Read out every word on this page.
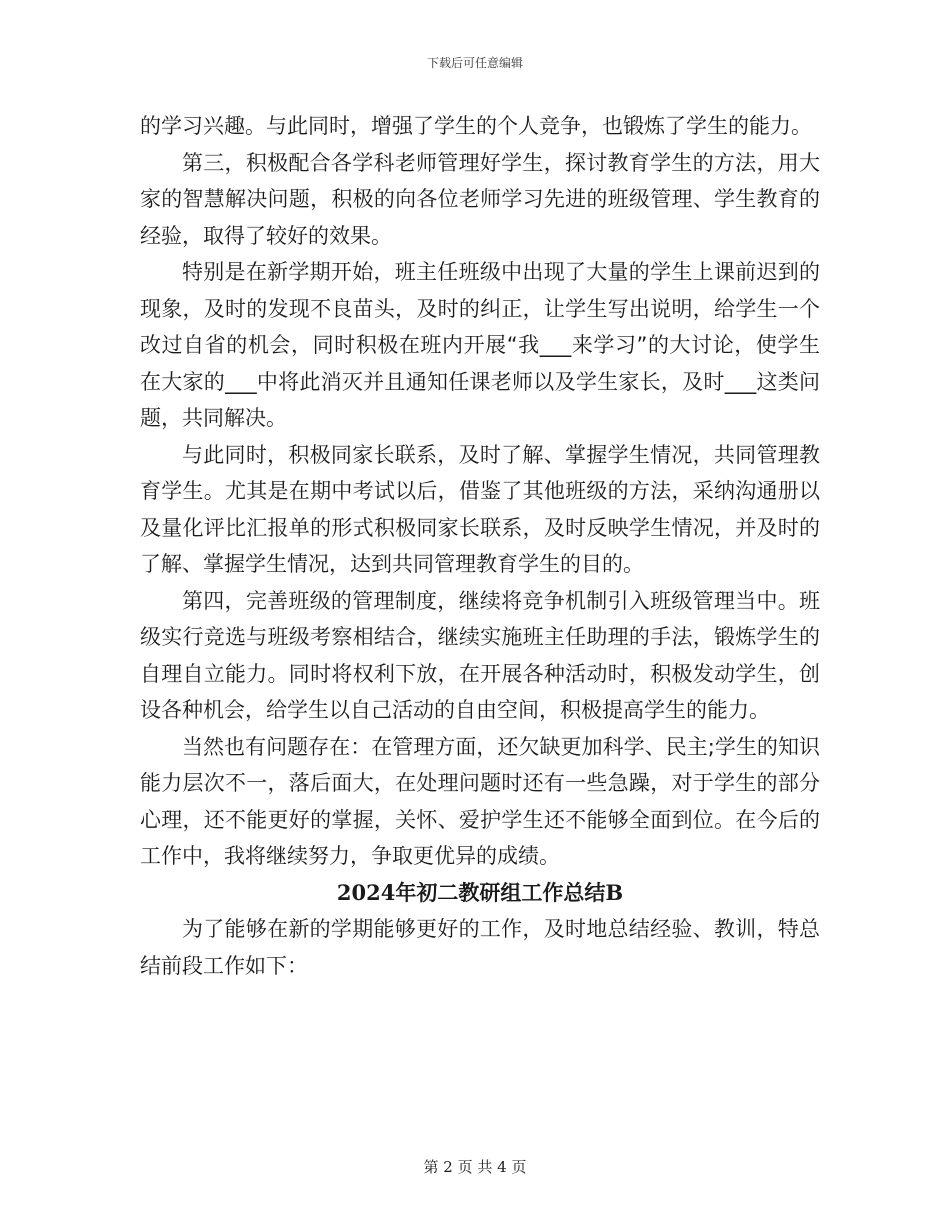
下载后可任意编辑

的学习兴趣。与此同时，增强了学生的个人竞争，也锻炼了学生的能力。

第三，积极配合各学科老师管理好学生，探讨教育学生的方法，用大家的智慧解决问题，积极的向各位老师学习先进的班级管理、学生教育的经验，取得了较好的效果。

特别是在新学期开始，班主任班级中出现了大量的学生上课前迟到的现象，及时的发现不良苗头，及时的纠正，让学生写出说明，给学生一个改过自省的机会，同时积极在班内开展“我___来学习”的大讨论，使学生在大家的___中将此消灭并且通知任课老师以及学生家长，及时___这类问题，共同解决。

与此同时，积极同家长联系，及时了解、掌握学生情况，共同管理教育学生。尤其是在期中考试以后，借鉴了其他班级的方法，采纳沟通册以及量化评比汇报单的形式积极同家长联系，及时反映学生情况，并及时的了解、掌握学生情况，达到共同管理教育学生的目的。

第四，完善班级的管理制度，继续将竞争机制引入班级管理当中。班级实行竞选与班级考察相结合，继续实施班主任助理的手法，锻炼学生的自理自立能力。同时将权利下放，在开展各种活动时，积极发动学生，创设各种机会，给学生以自己活动的自由空间，积极提高学生的能力。

当然也有问题存在：在管理方面，还欠缺更加科学、民主;学生的知识能力层次不一，落后面大，在处理问题时还有一些急躁，对于学生的部分心理，还不能更好的掌握，关怀、爱护学生还不能够全面到位。在今后的工作中，我将继续努力，争取更优异的成绩。

2024年初二教研组工作总结B

为了能够在新的学期能够更好的工作，及时地总结经验、教训，特总结前段工作如下：

第 2 页 共 4 页
